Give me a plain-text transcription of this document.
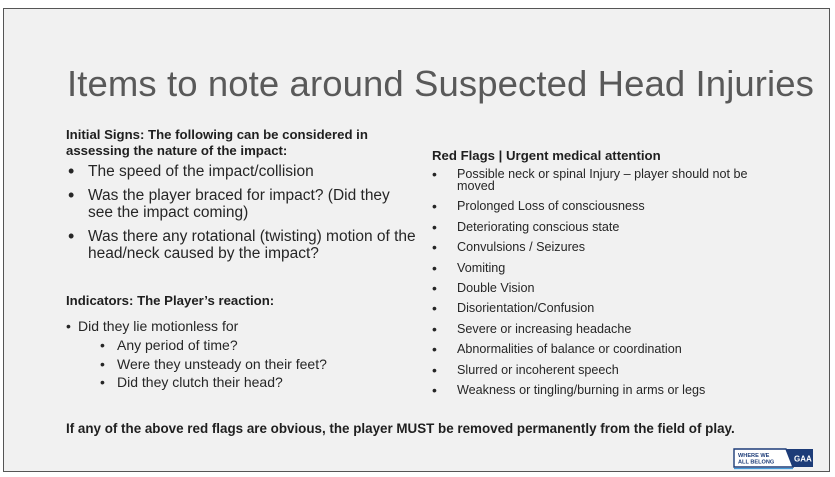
Items to note around Suspected Head Injuries
Initial Signs: The following can be considered in assessing the nature of the impact:
• The speed of the impact/collision
• Was the player braced for impact? (Did they see the impact coming)
• Was there any rotational (twisting) motion of the head/neck caused by the impact?
Indicators: The Player’s reaction:
• Did they lie motionless for
• Any period of time?
• Were they unsteady on their feet?
• Did they clutch their head?
Red Flags | Urgent medical attention
• Possible neck or spinal Injury – player should not be moved
• Prolonged Loss of consciousness
• Deteriorating conscious state
• Convulsions / Seizures
• Vomiting
• Double Vision
• Disorientation/Confusion
• Severe or increasing headache
• Abnormalities of balance or coordination
• Slurred or incoherent speech
• Weakness or tingling/burning in arms or legs
If any of the above red flags are obvious, the player MUST be removed permanently from the field of play.
WHERE WE
ALL BELONG GAA
